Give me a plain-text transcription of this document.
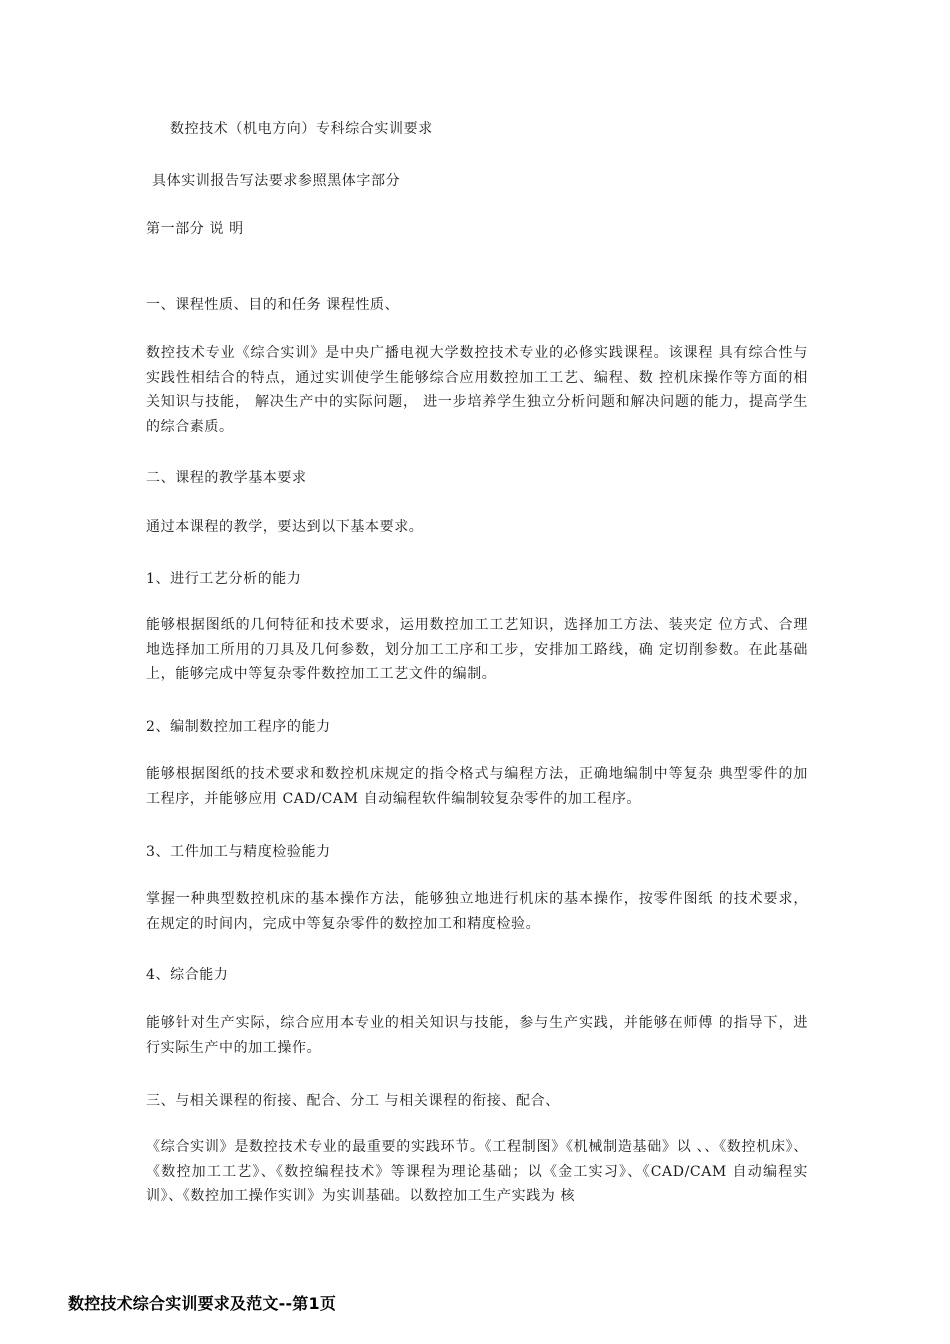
数控技术（机电方向）专科综合实训要求

具体实训报告写法要求参照黑体字部分

第一部分 说 明

一、课程性质、目的和任务 课程性质、

数控技术专业《综合实训》是中央广播电视大学数控技术专业的必修实践课程。该课程 具有综合性与实践性相结合的特点，通过实训使学生能够综合应用数控加工工艺、编程、数 控机床操作等方面的相关知识与技能， 解决生产中的实际问题， 进一步培养学生独立分析问题和解决问题的能力，提高学生的综合素质。

二、课程的教学基本要求

通过本课程的教学，要达到以下基本要求。

1、进行工艺分析的能力

能够根据图纸的几何特征和技术要求，运用数控加工工艺知识，选择加工方法、装夹定 位方式、合理地选择加工所用的刀具及几何参数，划分加工工序和工步，安排加工路线，确 定切削参数。在此基础上，能够完成中等复杂零件数控加工工艺文件的编制。

2、编制数控加工程序的能力

能够根据图纸的技术要求和数控机床规定的指令格式与编程方法，正确地编制中等复杂 典型零件的加工程序，并能够应用 CAD/CAM 自动编程软件编制较复杂零件的加工程序。

3、工件加工与精度检验能力

掌握一种典型数控机床的基本操作方法，能够独立地进行机床的基本操作，按零件图纸 的技术要求，在规定的时间内，完成中等复杂零件的数控加工和精度检验。

4、综合能力

能够针对生产实际，综合应用本专业的相关知识与技能，参与生产实践，并能够在师傅 的指导下，进行实际生产中的加工操作。

三、与相关课程的衔接、配合、分工 与相关课程的衔接、配合、

《综合实训》是数控技术专业的最重要的实践环节。《工程制图》《机械制造基础》以 、、《数控机床》、《数控加工工艺》、《数控编程技术》等课程为理论基础；以《金工实习》、《CAD/CAM 自动编程实训》、《数控加工操作实训》为实训基础。以数控加工生产实践为 核

数控技术综合实训要求及范文--第1页
